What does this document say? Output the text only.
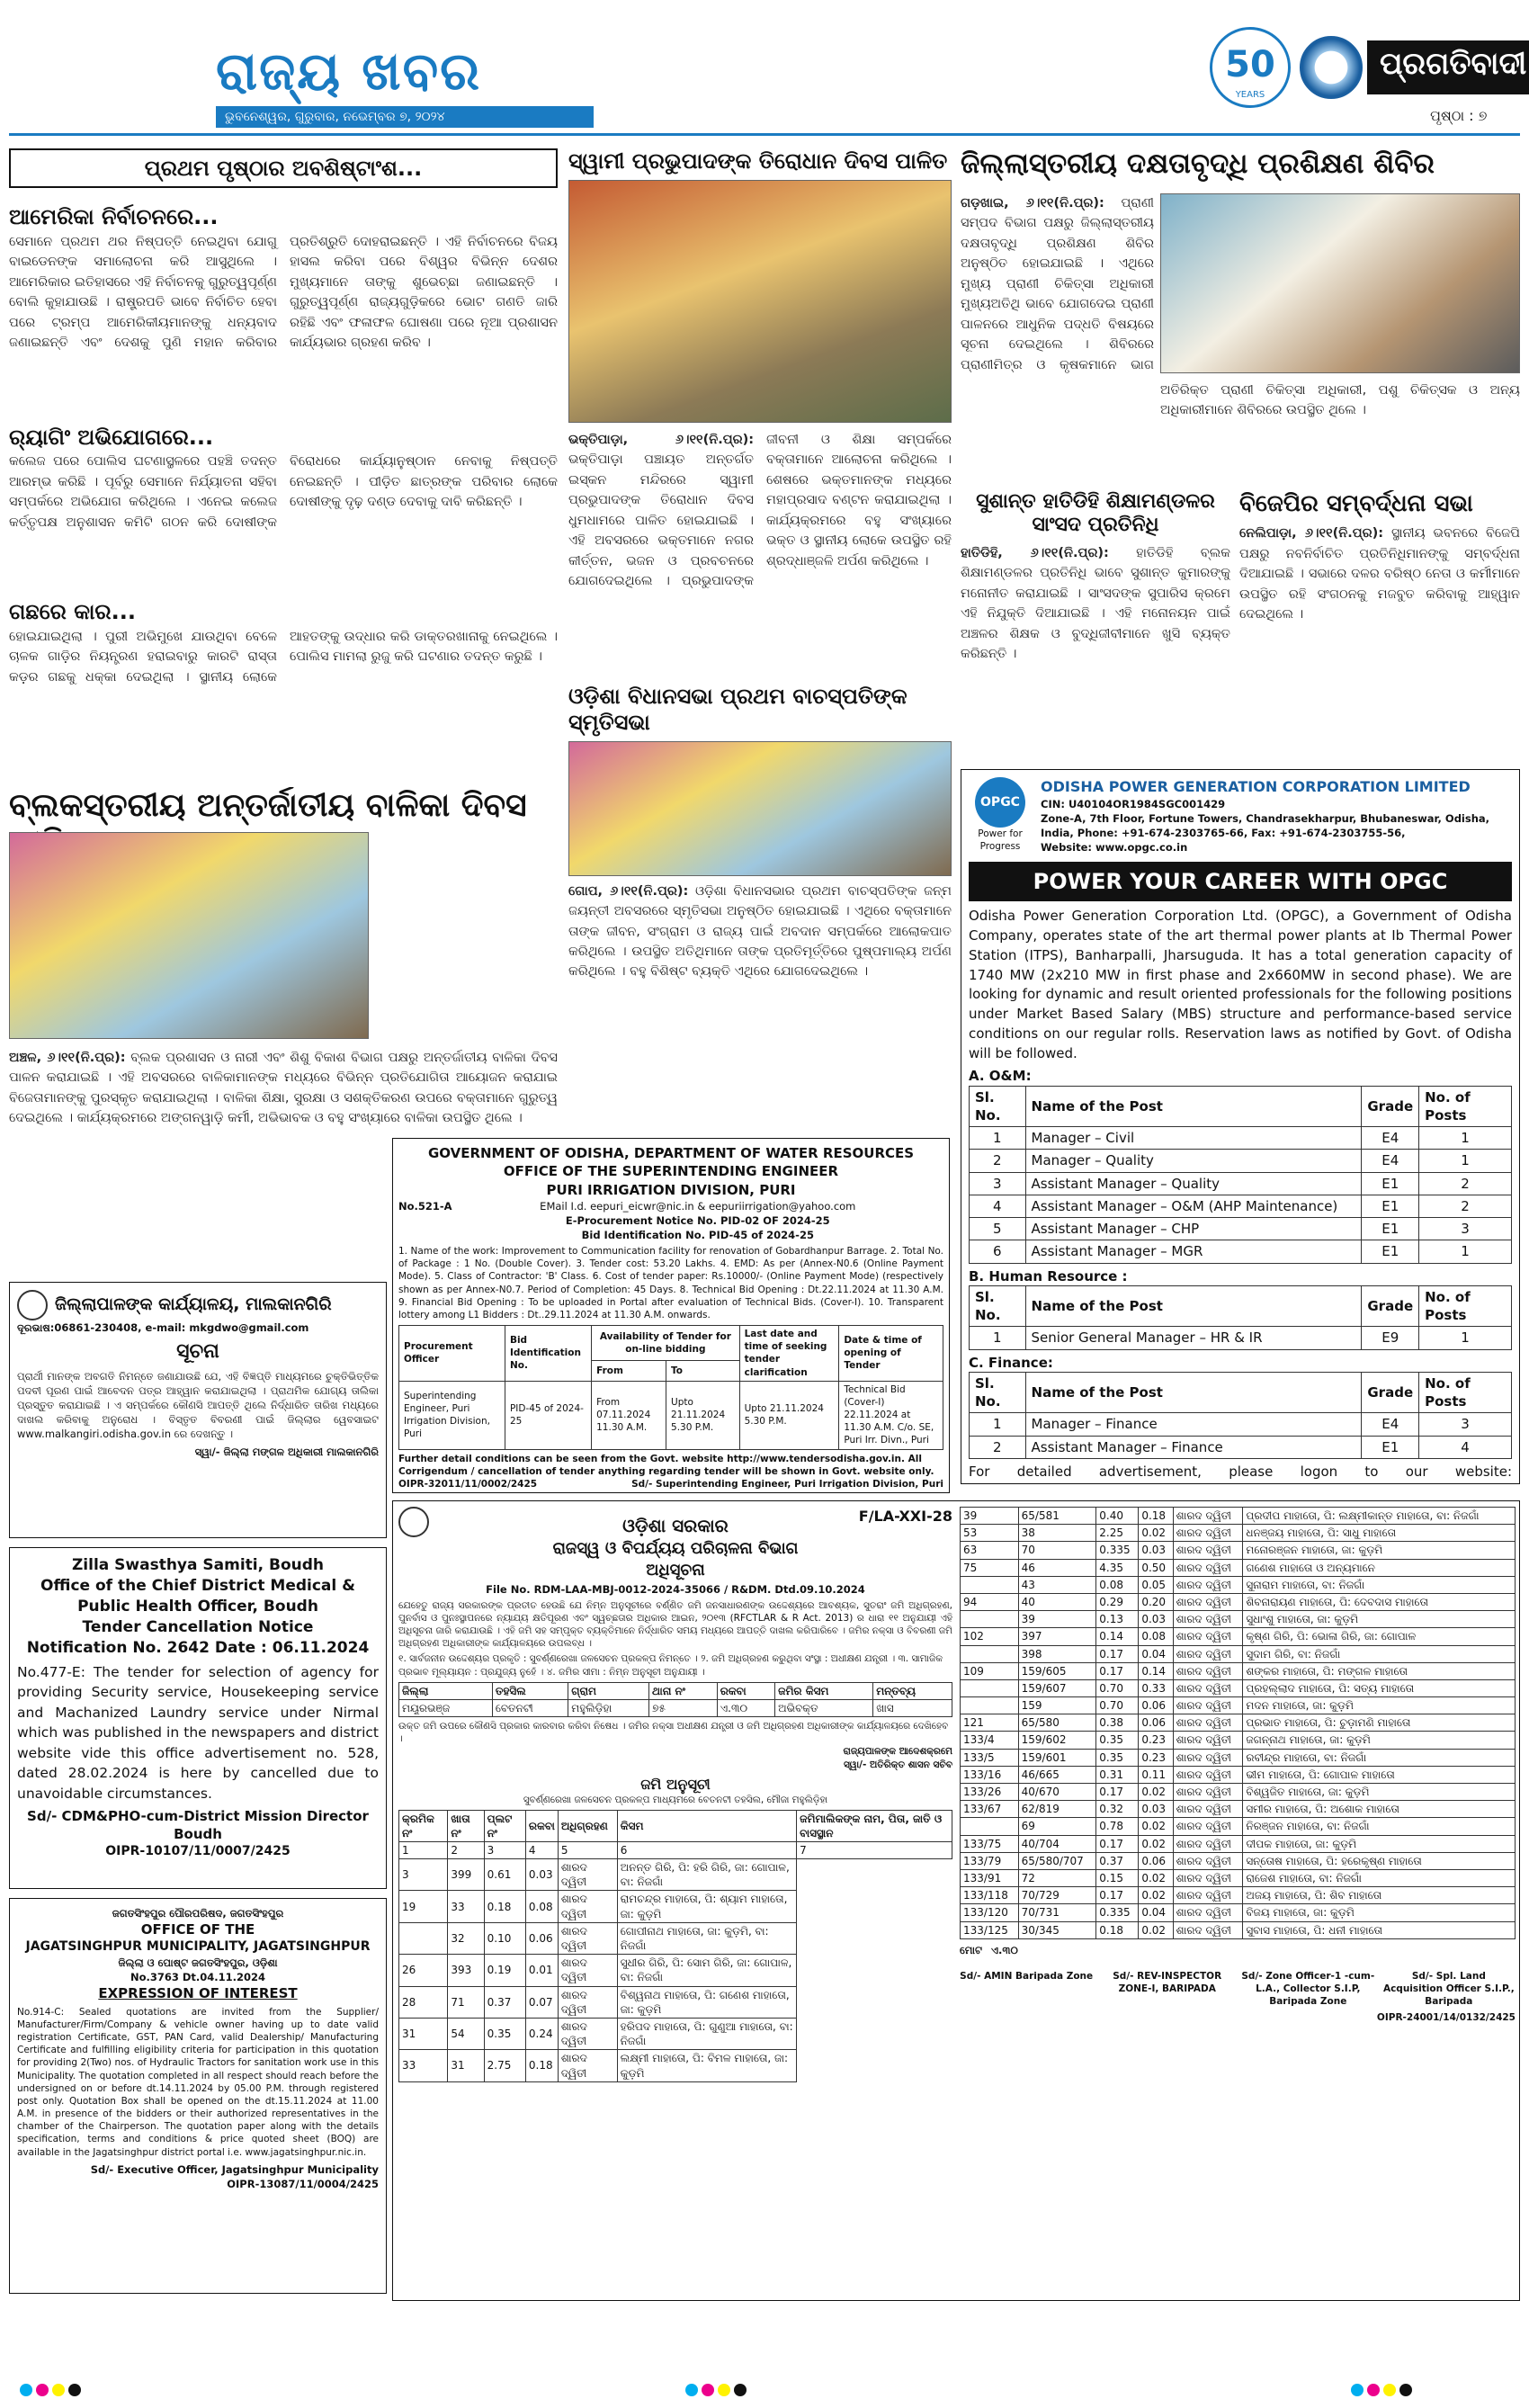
ରାଜ୍ୟ ଖବର
ଭୁବନେଶ୍ୱର, ଗୁରୁବାର, ନଭେମ୍ବର ୭, ୨୦୨୪
50
YEARS
ପ୍ରଗତିବାଦୀ
ପୃଷ୍ଠା : ୭
ପ୍ରଥମ ପୃଷ୍ଠାର ଅବଶିଷ୍ଟାଂଶ...
ଆମେରିକା ନିର୍ବାଚନରେ...
ସେମାନେ ପ୍ରଥମ ଥର ନିଷ୍ପତ୍ତି ନେଇଥିବା ଯୋଗୁ ବାଇଡେନଙ୍କ ସମାଲୋଚନା କରି ଆସୁଥିଲେ । ଆମେରିକାର ଇତିହାସରେ ଏହି ନିର୍ବାଚନକୁ ଗୁରୁତ୍ୱପୂର୍ଣ୍ଣ ବୋଲି କୁହାଯାଉଛି । ରାଷ୍ଟ୍ରପତି ଭାବେ ନିର୍ବାଚିତ ହେବା ପରେ ଟ୍ରମ୍ପ ଆମେରିକୀୟମାନଙ୍କୁ ଧନ୍ୟବାଦ ଜଣାଇଛନ୍ତି ଏବଂ ଦେଶକୁ ପୁଣି ମହାନ କରିବାର ପ୍ରତିଶ୍ରୁତି ଦୋହରାଇଛନ୍ତି । ଏହି ନିର୍ବାଚନରେ ବିଜୟ ହାସଲ କରିବା ପରେ ବିଶ୍ୱର ବିଭିନ୍ନ ଦେଶର ମୁଖ୍ୟମାନେ ତାଙ୍କୁ ଶୁଭେଚ୍ଛା ଜଣାଇଛନ୍ତି । ଗୁରୁତ୍ୱପୂର୍ଣ୍ଣ ରାଜ୍ୟଗୁଡ଼ିକରେ ଭୋଟ ଗଣତି ଜାରି ରହିଛି ଏବଂ ଫଳାଫଳ ଘୋଷଣା ପରେ ନୂଆ ପ୍ରଶାସନ କାର୍ଯ୍ୟଭାର ଗ୍ରହଣ କରିବ ।
ର୍‍ୟାଗିଂ ଅଭିଯୋଗରେ...
କଲେଜ ପରେ ପୋଲିସ ଘଟଣାସ୍ଥଳରେ ପହଞ୍ଚି ତଦନ୍ତ ଆରମ୍ଭ କରିଛି । ପୂର୍ବରୁ ସେମାନେ ନିର୍ଯ୍ୟାତନା ସହିବା ସମ୍ପର୍କରେ ଅଭିଯୋଗ କରିଥିଲେ । ଏନେଇ କଲେଜ କର୍ତ୍ତୃପକ୍ଷ ଅନୁଶାସନ କମିଟି ଗଠନ କରି ଦୋଷୀଙ୍କ ବିରୋଧରେ କାର୍ଯ୍ୟାନୁଷ୍ଠାନ ନେବାକୁ ନିଷ୍ପତ୍ତି ନେଇଛନ୍ତି । ପୀଡ଼ିତ ଛାତ୍ରଙ୍କ ପରିବାର ଲୋକେ ଦୋଷୀଙ୍କୁ ଦୃଢ଼ ଦଣ୍ଡ ଦେବାକୁ ଦାବି କରିଛନ୍ତି ।
ଗଛରେ କାର...
ହୋଇଯାଇଥିଲା । ପୁରୀ ଅଭିମୁଖେ ଯାଉଥିବା ବେଳେ ଚାଳକ ଗାଡ଼ିର ନିୟନ୍ତ୍ରଣ ହରାଇବାରୁ କାରଟି ରାସ୍ତା କଡ଼ର ଗଛକୁ ଧକ୍କା ଦେଇଥିଲା । ସ୍ଥାନୀୟ ଲୋକେ ଆହତଙ୍କୁ ଉଦ୍ଧାର କରି ଡାକ୍ତରଖାନାକୁ ନେଇଥିଲେ । ପୋଲିସ ମାମଲା ରୁଜୁ କରି ଘଟଣାର ତଦନ୍ତ କରୁଛି ।
ସ୍ୱାମୀ ପ୍ରଭୁପାଦଙ୍କ ତିରୋଧାନ ଦିବସ ପାଳିତ
ଭକ୍ତିପାଡ଼ା, ୬।୧୧(ନି.ପ୍ର): ଭକ୍ତିପାଡ଼ା ପଞ୍ଚାୟତ ଅନ୍ତର୍ଗତ ଇସ୍କନ ମନ୍ଦିରରେ ସ୍ୱାମୀ ପ୍ରଭୁପାଦଙ୍କ ତିରୋଧାନ ଦିବସ ଧୁମଧାମରେ ପାଳିତ ହୋଇଯାଇଛି । ଏହି ଅବସରରେ ଭକ୍ତମାନେ ନଗର କୀର୍ତ୍ତନ, ଭଜନ ଓ ପ୍ରବଚନରେ ଯୋଗଦେଇଥିଲେ । ପ୍ରଭୁପାଦଙ୍କ ଜୀବନୀ ଓ ଶିକ୍ଷା ସମ୍ପର୍କରେ ବକ୍ତାମାନେ ଆଲୋଚନା କରିଥିଲେ । ଶେଷରେ ଭକ୍ତମାନଙ୍କ ମଧ୍ୟରେ ମହାପ୍ରସାଦ ବଣ୍ଟନ କରାଯାଇଥିଲା । କାର୍ଯ୍ୟକ୍ରମରେ ବହୁ ସଂଖ୍ୟାରେ ଭକ୍ତ ଓ ସ୍ଥାନୀୟ ଲୋକେ ଉପସ୍ଥିତ ରହି ଶ୍ରଦ୍ଧାଞ୍ଜଳି ଅର୍ପଣ କରିଥିଲେ ।
ଓଡ଼ିଶା ବିଧାନସଭା ପ୍ରଥମ ବାଚସ୍ପତିଙ୍କ ସ୍ମୃତିସଭା
ଗୋପ, ୬।୧୧(ନି.ପ୍ର): ଓଡ଼ିଶା ବିଧାନସଭାର ପ୍ରଥମ ବାଚସ୍ପତିଙ୍କ ଜନ୍ମ ଜୟନ୍ତୀ ଅବସରରେ ସ୍ମୃତିସଭା ଅନୁଷ୍ଠିତ ହୋଇଯାଇଛି । ଏଥିରେ ବକ୍ତାମାନେ ତାଙ୍କ ଜୀବନ, ସଂଗ୍ରାମ ଓ ରାଜ୍ୟ ପାଇଁ ଅବଦାନ ସମ୍ପର୍କରେ ଆଲୋକପାତ କରିଥିଲେ । ଉପସ୍ଥିତ ଅତିଥିମାନେ ତାଙ୍କ ପ୍ରତିମୂର୍ତ୍ତିରେ ପୁଷ୍ପମାଲ୍ୟ ଅର୍ପଣ କରିଥିଲେ । ବହୁ ବିଶିଷ୍ଟ ବ୍ୟକ୍ତି ଏଥିରେ ଯୋଗଦେଇଥିଲେ ।
ଜିଲ୍ଲାସ୍ତରୀୟ ଦକ୍ଷତାବୃଦ୍ଧି ପ୍ରଶିକ୍ଷଣ ଶିବିର
ଗଡ଼ଖାଇ, ୬।୧୧(ନି.ପ୍ର): ପ୍ରାଣୀ ସମ୍ପଦ ବିଭାଗ ପକ୍ଷରୁ ଜିଲ୍ଲାସ୍ତରୀୟ ଦକ୍ଷତାବୃଦ୍ଧି ପ୍ରଶିକ୍ଷଣ ଶିବିର ଅନୁଷ୍ଠିତ ହୋଇଯାଇଛି । ଏଥିରେ ମୁଖ୍ୟ ପ୍ରାଣୀ ଚିକିତ୍ସା ଅଧିକାରୀ ମୁଖ୍ୟଅତିଥି ଭାବେ ଯୋଗଦେଇ ପ୍ରାଣୀ ପାଳନରେ ଆଧୁନିକ ପଦ୍ଧତି ବିଷୟରେ ସୂଚନା ଦେଇଥିଲେ । ଶିବିରରେ ପ୍ରାଣୀମିତ୍ର ଓ କୃଷକମାନେ ଭାଗ
ଅତିରିକ୍ତ ପ୍ରାଣୀ ଚିକିତ୍ସା ଅଧିକାରୀ, ପଶୁ ଚିକିତ୍ସକ ଓ ଅନ୍ୟ ଅଧିକାରୀମାନେ ଶିବିରରେ ଉପସ୍ଥିତ ଥିଲେ ।
ସୁଶାନ୍ତ ହାତିଡିହି ଶିକ୍ଷାମଣ୍ଡଳର ସାଂସଦ ପ୍ରତିନିଧି
ହାତିଡିହି, ୬।୧୧(ନି.ପ୍ର): ହାତିଡିହି ବ୍ଲକ ଶିକ୍ଷାମଣ୍ଡଳର ପ୍ରତିନିଧି ଭାବେ ସୁଶାନ୍ତ କୁମାରଙ୍କୁ ମନୋନୀତ କରାଯାଇଛି । ସାଂସଦଙ୍କ ସୁପାରିସ କ୍ରମେ ଏହି ନିଯୁକ୍ତି ଦିଆଯାଇଛି । ଏହି ମନୋନୟନ ପାଇଁ ଅଞ୍ଚଳର ଶିକ୍ଷକ ଓ ବୁଦ୍ଧିଜୀବୀମାନେ ଖୁସି ବ୍ୟକ୍ତ କରିଛନ୍ତି ।
ବିଜେପିର ସମ୍ବର୍ଦ୍ଧନା ସଭା
ନେଲିପାଡ଼ା, ୬।୧୧(ନି.ପ୍ର): ସ୍ଥାନୀୟ ଭବନରେ ବିଜେପି ପକ୍ଷରୁ ନବନିର୍ବାଚିତ ପ୍ରତିନିଧିମାନଙ୍କୁ ସମ୍ବର୍ଦ୍ଧନା ଦିଆଯାଇଛି । ସଭାରେ ଦଳର ବରିଷ୍ଠ ନେତା ଓ କର୍ମୀମାନେ ଉପସ୍ଥିତ ରହି ସଂଗଠନକୁ ମଜବୁତ କରିବାକୁ ଆହ୍ୱାନ ଦେଇଥିଲେ ।
ବ୍ଲକସ୍ତରୀୟ ଅନ୍ତର୍ଜାତୀୟ ବାଳିକା ଦିବସ
ଅଞ୍ଚଳ, ୬।୧୧(ନି.ପ୍ର): ବ୍ଲକ ପ୍ରଶାସନ ଓ ନାରୀ ଏବଂ ଶିଶୁ ବିକାଶ ବିଭାଗ ପକ୍ଷରୁ ଅନ୍ତର୍ଜାତୀୟ ବାଳିକା ଦିବସ ପାଳନ କରାଯାଇଛି । ଏହି ଅବସରରେ ବାଳିକାମାନଙ୍କ ମଧ୍ୟରେ ବିଭିନ୍ନ ପ୍ରତିଯୋଗିତା ଆୟୋଜନ କରାଯାଇ ବିଜେତାମାନଙ୍କୁ ପୁରସ୍କୃତ କରାଯାଇଥିଲା । ବାଳିକା ଶିକ୍ଷା, ସୁରକ୍ଷା ଓ ସଶକ୍ତିକରଣ ଉପରେ ବକ୍ତାମାନେ ଗୁରୁତ୍ୱ ଦେଇଥିଲେ । କାର୍ଯ୍ୟକ୍ରମରେ ଅଙ୍ଗନୱାଡ଼ି କର୍ମୀ, ଅଭିଭାବକ ଓ ବହୁ ସଂଖ୍ୟାରେ ବାଳିକା ଉପସ୍ଥିତ ଥିଲେ ।
OPGC
Power for Progress
ODISHA POWER GENERATION CORPORATION LIMITED
CIN: U40104OR1984SGC001429
Zone-A, 7th Floor, Fortune Towers, Chandrasekharpur, Bhubaneswar, Odisha, India, Phone: +91-674-2303765-66, Fax: +91-674-2303755-56,
Website: www.opgc.co.in
POWER YOUR CAREER WITH OPGC
Odisha Power Generation Corporation Ltd. (OPGC), a Government of Odisha Company, operates state of the art thermal power plants at Ib Thermal Power Station (ITPS), Banharpalli, Jharsuguda. It has a total generation capacity of 1740 MW (2x210 MW in first phase and 2x660MW in second phase). We are looking for dynamic and result oriented professionals for the following positions under Market Based Salary (MBS) structure and performance-based service conditions on our regular rolls. Reservation laws as notified by Govt. of Odisha will be followed.
A. O&M:
Sl. No.	Name of the Post	Grade	No. of Posts
1	Manager – Civil	E4	1
2	Manager – Quality	E4	1
3	Assistant Manager – Quality	E1	2
4	Assistant Manager – O&M (AHP Maintenance)	E1	2
5	Assistant Manager – CHP	E1	3
6	Assistant Manager – MGR	E1	1
B. Human Resource :
Sl. No.	Name of the Post	Grade	No. of Posts
1	Senior General Manager – HR & IR	E9	1
C. Finance:
Sl. No.	Name of the Post	Grade	No. of Posts
1	Manager – Finance	E4	3
2	Assistant Manager – Finance	E1	4
For detailed advertisement, please logon to our website:
GOVERNMENT OF ODISHA, DEPARTMENT OF WATER RESOURCES
OFFICE OF THE SUPERINTENDING ENGINEER
PURI IRRIGATION DIVISION, PURI
No.521-A	EMail I.d. eepuri_eicwr@nic.in & eepuriirrigation@yahoo.com
E-Procurement Notice No. PID-02 OF 2024-25
Bid Identification No. PID-45 of 2024-25
1. Name of the work: Improvement to Communication facility for renovation of Gobardhanpur Barrage. 2. Total No. of Package : 1 No. (Double Cover). 3. Tender cost: 53.20 Lakhs. 4. EMD: As per (Annex-N0.6 (Online Payment Mode). 5. Class of Contractor: 'B' Class. 6. Cost of tender paper: Rs.10000/- (Online Payment Mode) (respectively shown as per Annex-N0.7. Period of Completion: 45 Days. 8. Technical Bid Opening : Dt.22.11.2024 at 11.30 A.M. 9. Financial Bid Opening : To be uploaded in Portal after evaluation of Technical Bids. (Cover-I). 10. Transparent lottery among L1 Bidders : Dt..29.11.2024 at 11.30 A.M. onwards.
Procurement Officer	Bid Identification No.	Availability of Tender for on-line bidding		Last date and time of seeking tender clarification	Date & time of opening of Tender
		From	To		
Superintending Engineer, Puri Irrigation Division, Puri	PID-45 of 2024-25	From 07.11.2024 11.30 A.M.	Upto 21.11.2024 5.30 P.M.	Upto 21.11.2024 5.30 P.M.	Technical Bid (Cover-I) 22.11.2024 at 11.30 A.M. C/o. SE, Puri Irr. Divn., Puri
Further detail conditions can be seen from the Govt. website http://www.tendersodisha.gov.in. All Corrigendum / cancellation of tender anything regarding tender will be shown in Govt. website only.
OIPR-32011/11/0002/2425	Sd/- Superintending Engineer, Puri Irrigation Division, Puri
ଜିଲ୍ଲାପାଳଙ୍କ କାର୍ଯ୍ୟାଳୟ, ମାଲକାନଗିରି
ଦୂରଭାଷ:06861-230408, e-mail: mkgdwo@gmail.com
ସୂଚନା
ପ୍ରାର୍ଥୀ ମାନଙ୍କ ଅବଗତି ନିମନ୍ତେ ଜଣାଯାଉଛି ଯେ, ଏହି ବିଜ୍ଞପ୍ତି ମାଧ୍ୟମରେ ଚୁକ୍ତିଭିତ୍ତିକ ପଦବୀ ପୂରଣ ପାଇଁ ଆବେଦନ ପତ୍ର ଆହ୍ୱାନ କରାଯାଇଥିଲା । ପ୍ରାଥମିକ ଯୋଗ୍ୟ ତାଲିକା ପ୍ରସ୍ତୁତ କରାଯାଇଛି । ଏ ସମ୍ପର୍କରେ କୌଣସି ଆପତ୍ତି ଥିଲେ ନିର୍ଦ୍ଧାରିତ ତାରିଖ ମଧ୍ୟରେ ଦାଖଲ କରିବାକୁ ଅନୁରୋଧ । ବିସ୍ତୃତ ବିବରଣୀ ପାଇଁ ଜିଲ୍ଲାର ୱେବସାଇଟ www.malkangiri.odisha.gov.in ରେ ଦେଖନ୍ତୁ ।
ସ୍ୱା/- ଜିଲ୍ଲା ମଙ୍ଗଳ ଅଧିକାରୀ ମାଲକାନଗିରି
Zilla Swasthya Samiti, Boudh
Office of the Chief District Medical &
Public Health Officer, Boudh
Tender Cancellation Notice
Notification No. 2642 Date : 06.11.2024
No.477-E: The tender for selection of agency for providing Security service, Housekeeping service and Machanized Laundry service under Nirmal which was published in the newspapers and district website vide this office advertisement no. 528, dated 28.02.2024 is here by cancelled due to unavoidable circumstances.
Sd/- CDM&PHO-cum-District Mission Director Boudh
OIPR-10107/11/0007/2425
ଜଗତସିଂହପୁର ପୌରପରିଷଦ, ଜଗତସିଂହପୁର
OFFICE OF THE
JAGATSINGHPUR MUNICIPALITY, JAGATSINGHPUR
ଜିଲ୍ଲା ଓ ପୋଷ୍ଟ ଜଗତସିଂହପୁର, ଓଡ଼ିଶା
No.3763 Dt.04.11.2024
EXPRESSION OF INTEREST
No.914-C: Sealed quotations are invited from the Supplier/ Manufacturer/Firm/Company & vehicle owner having up to date valid registration Certificate, GST, PAN Card, valid Dealership/ Manufacturing Certificate and fulfilling eligibility criteria for participation in this quotation for providing 2(Two) nos. of Hydraulic Tractors for sanitation work use in this Municipality. The quotation completed in all respect should reach before the undersigned on or before dt.14.11.2024 by 05.00 P.M. through registered post only. Quotation Box shall be opened on the dt.15.11.2024 at 11.00 A.M. in presence of the bidders or their authorized representatives in the chamber of the Chairperson. The quotation paper along with the details specification, terms and conditions & price quoted sheet (BOQ) are available in the Jagatsinghpur district portal i.e. www.jagatsinghpur.nic.in.
Sd/- Executive Officer, Jagatsinghpur Municipality
OIPR-13087/11/0004/2425
F/LA-XXI-28
ଓଡ଼ିଶା ସରକାର
ରାଜସ୍ୱ ଓ ବିପର୍ଯ୍ୟୟ ପରିଚାଳନା ବିଭାଗ
ଅଧିସୂଚନା
File No. RDM-LAA-MBJ-0012-2024-35066 / R&DM. Dtd.09.10.2024
ଯେହେତୁ ରାଜ୍ୟ ସରକାରଙ୍କ ପ୍ରତୀତ ହେଉଛି ଯେ ନିମ୍ନ ଅନୁସୂଚୀରେ ବର୍ଣ୍ଣିତ ଜମି ଜନସାଧାରଣଙ୍କ ଉଦ୍ଦେଶ୍ୟରେ ଆବଶ୍ୟକ, ସୁତରାଂ ଜମି ଅଧିଗ୍ରହଣ, ପୁନର୍ବାସ ଓ ପୁନଃସ୍ଥାପନରେ ନ୍ୟାଯ୍ୟ କ୍ଷତିପୂରଣ ଏବଂ ସ୍ୱଚ୍ଛତାର ଅଧିକାର ଆଇନ, ୨୦୧୩ (RFCTLAR & R Act. 2013) ର ଧାରା ୧୧ ଅନୁଯାୟୀ ଏହି ଅଧିସୂଚନା ଜାରି କରାଯାଉଛି । ଏହି ଜମି ସହ ସମ୍ପୃକ୍ତ ବ୍ୟକ୍ତିମାନେ ନିର୍ଦ୍ଧାରିତ ସମୟ ମଧ୍ୟରେ ଆପତ୍ତି ଦାଖଲ କରିପାରିବେ । ଜମିର ନକ୍ସା ଓ ବିବରଣୀ ଜମି ଅଧିଗ୍ରହଣ ଅଧିକାରୀଙ୍କ କାର୍ଯ୍ୟାଳୟରେ ଉପଲବ୍ଧ ।
୧. ସାର୍ବଜନୀନ ଉଦ୍ଦେଶ୍ୟର ପ୍ରକୃତି : ସୁବର୍ଣ୍ଣରେଖା ଜଳସେଚନ ପ୍ରକଳ୍ପ ନିମନ୍ତେ । ୨. ଜମି ଅଧିଗ୍ରହଣ କରୁଥିବା ସଂସ୍ଥା : ଅଧୀକ୍ଷଣ ଯନ୍ତ୍ରୀ । ୩. ସାମାଜିକ ପ୍ରଭାବ ମୂଲ୍ୟାୟନ : ପ୍ରଯୁଜ୍ୟ ନୁହେଁ । ୪. ଜମିର ସୀମା : ନିମ୍ନ ଅନୁସୂଚୀ ଅନୁଯାୟୀ ।
ଜିଲ୍ଲା	ତହସିଲ	ଗ୍ରାମ	ଥାନା ନଂ	ରକବା	ଜମିର କିସମ	ମନ୍ତବ୍ୟ
ମୟୂରଭଞ୍ଜ	ବେତନଟୀ	ମହୁଲିଡ଼ିହା	୭୫	ଏ.୩୦	ଅଭିବକ୍ତ	ଖାସ
ଉକ୍ତ ଜମି ଉପରେ କୌଣସି ପ୍ରକାର କାରବାର କରିବା ନିଷେଧ । ଜମିର ନକ୍ସା ଅଧୀକ୍ଷଣ ଯନ୍ତ୍ରୀ ଓ ଜମି ଅଧିଗ୍ରହଣ ଅଧିକାରୀଙ୍କ କାର୍ଯ୍ୟାଳୟରେ ଦେଖିହେବ ।
ରାଜ୍ୟପାଳଙ୍କ ଆଦେଶକ୍ରମେ
ସ୍ୱା/- ଅତିରିକ୍ତ ଶାସନ ସଚିବ
ଜମି ଅନୁସୂଚୀ
ସୁବର୍ଣ୍ଣରେଖା ଜଳସେଚନ ପ୍ରକଳ୍ପ ମାଧ୍ୟମରେ ବେତନଟୀ ତହସିଲ, ମୌଜା ମହୁଲିଡ଼ିହା
କ୍ରମିକ ନଂ	ଖାତା ନଂ	ପ୍ଲଟ ନଂ	ରକବା	ଅଧିଗ୍ରହଣ	କିସମ	ଜମିମାଲିକଙ୍କ ନାମ, ପିତା, ଜାତି ଓ ବାସସ୍ଥାନ
1	2	3	4	5	6	7
3	399	0.61	0.03	ଶାରଦ ଦ୍ୱିତୀ	ଅନନ୍ତ ଗିରି, ପି: ହରି ଗିରି, ଜା: ଗୋପାଳ, ବା: ନିଜଗାଁ	
19	33	0.18	0.08	ଶାରଦ ଦ୍ୱିତୀ	ରାମଚନ୍ଦ୍ର ମାହାତୋ, ପି: ଶ୍ୟାମ ମାହାତୋ, ଜା: କୁଡ଼ମି	
	32	0.10	0.06	ଶାରଦ ଦ୍ୱିତୀ	ଗୋପୀନାଥ ମାହାତୋ, ଜା: କୁଡ଼ମି, ବା: ନିଜଗାଁ	
26	393	0.19	0.01	ଶାରଦ ଦ୍ୱିତୀ	ସୁଧୀର ଗିରି, ପି: ସୋମ ଗିରି, ଜା: ଗୋପାଳ, ବା: ନିଜଗାଁ	
28	71	0.37	0.07	ଶାରଦ ଦ୍ୱିତୀ	ବିଶ୍ୱନାଥ ମାହାତୋ, ପି: ଗଣେଶ ମାହାତୋ, ଜା: କୁଡ଼ମି	
31	54	0.35	0.24	ଶାରଦ ଦ୍ୱିତୀ	ହରିପଦ ମାହାତୋ, ପି: ଗୁଣୁଆ ମାହାତୋ, ବା: ନିଜଗାଁ	
33	31	2.75	0.18	ଶାରଦ ଦ୍ୱିତୀ	ଲକ୍ଷ୍ମୀ ମାହାତୋ, ପି: ବିମଳ ମାହାତୋ, ଜା: କୁଡ଼ମି	
39	65/581	0.40	0.18	ଶାରଦ ଦ୍ୱିତୀ	ପ୍ରଦୀପ ମାହାତୋ, ପି: ଲକ୍ଷ୍ମୀକାନ୍ତ ମାହାତୋ, ବା: ନିଜଗାଁ
53	38	2.25	0.02	ଶାରଦ ଦ୍ୱିତୀ	ଧନଞ୍ଜୟ ମାହାତୋ, ପି: ସାଧୁ ମାହାତୋ
63	70	0.335	0.03	ଶାରଦ ଦ୍ୱିତୀ	ମନୋରଞ୍ଜନ ମାହାତୋ, ଜା: କୁଡ଼ମି
75	46	4.35	0.50	ଶାରଦ ଦ୍ୱିତୀ	ଗଣେଶ ମାହାତୋ ଓ ଅନ୍ୟମାନେ
	43	0.08	0.05	ଶାରଦ ଦ୍ୱିତୀ	ସୁନାରାମ ମାହାତୋ, ବା: ନିଜଗାଁ
94	40	0.29	0.20	ଶାରଦ ଦ୍ୱିତୀ	ଶିବନାରାୟଣ ମାହାତୋ, ପି: ଦେବଦାସ ମାହାତୋ
	39	0.13	0.03	ଶାରଦ ଦ୍ୱିତୀ	ସୁଧାଂଶୁ ମାହାତୋ, ଜା: କୁଡ଼ମି
102	397	0.14	0.08	ଶାରଦ ଦ୍ୱିତୀ	କୃଷ୍ଣ ଗିରି, ପି: ଭୋଳା ଗିରି, ଜା: ଗୋପାଳ
	398	0.17	0.04	ଶାରଦ ଦ୍ୱିତୀ	ସୁଦାମ ଗିରି, ବା: ନିଜଗାଁ
109	159/605	0.17	0.14	ଶାରଦ ଦ୍ୱିତୀ	ଶଙ୍କର ମାହାତୋ, ପି: ମଙ୍ଗଳ ମାହାତୋ
	159/607	0.70	0.33	ଶାରଦ ଦ୍ୱିତୀ	ପ୍ରହଲ୍ଲାଦ ମାହାତୋ, ପି: ସତ୍ୟ ମାହାତୋ
	159	0.70	0.06	ଶାରଦ ଦ୍ୱିତୀ	ମଦନ ମାହାତୋ, ଜା: କୁଡ଼ମି
121	65/580	0.38	0.06	ଶାରଦ ଦ୍ୱିତୀ	ପ୍ରଭାତ ମାହାତୋ, ପି: ଚୁଡ଼ାମଣି ମାହାତୋ
133/4	159/602	0.35	0.23	ଶାରଦ ଦ୍ୱିତୀ	ଜଗନ୍ନାଥ ମାହାତୋ, ଜା: କୁଡ଼ମି
133/5	159/601	0.35	0.23	ଶାରଦ ଦ୍ୱିତୀ	ରବୀନ୍ଦ୍ର ମାହାତୋ, ବା: ନିଜଗାଁ
133/16	46/665	0.31	0.11	ଶାରଦ ଦ୍ୱିତୀ	ଭୀମ ମାହାତୋ, ପି: ଗୋପାଳ ମାହାତୋ
133/26	40/670	0.17	0.02	ଶାରଦ ଦ୍ୱିତୀ	ବିଶ୍ୱଜିତ ମାହାତୋ, ଜା: କୁଡ଼ମି
133/67	62/819	0.32	0.03	ଶାରଦ ଦ୍ୱିତୀ	ସମୀର ମାହାତୋ, ପି: ଅଶୋକ ମାହାତୋ
	69	0.78	0.02	ଶାରଦ ଦ୍ୱିତୀ	ନିରଞ୍ଜନ ମାହାତୋ, ବା: ନିଜଗାଁ
133/75	40/704	0.17	0.02	ଶାରଦ ଦ୍ୱିତୀ	ଦୀପକ ମାହାତୋ, ଜା: କୁଡ଼ମି
133/79	65/580/707	0.37	0.06	ଶାରଦ ଦ୍ୱିତୀ	ସନ୍ତୋଷ ମାହାତୋ, ପି: ହରେକୃଷ୍ଣ ମାହାତୋ
133/91	72	0.15	0.02	ଶାରଦ ଦ୍ୱିତୀ	ରାଜେଶ ମାହାତୋ, ବା: ନିଜଗାଁ
133/118	70/729	0.17	0.02	ଶାରଦ ଦ୍ୱିତୀ	ଅଜୟ ମାହାତୋ, ପି: ଶିବ ମାହାତୋ
133/120	70/731	0.335	0.04	ଶାରଦ ଦ୍ୱିତୀ	ବିଜୟ ମାହାତୋ, ଜା: କୁଡ଼ମି
133/125	30/345	0.18	0.02	ଶାରଦ ଦ୍ୱିତୀ	ସୁବାସ ମାହାତୋ, ପି: ଧନୀ ମାହାତୋ
ମୋଟ ଏ.୩୦
Sd/- AMIN Baripada Zone	Sd/- REV-INSPECTOR ZONE-I, BARIPADA
Sd/- Zone Officer-1 -cum-L.A., Collector S.I.P, Baripada Zone
Sd/- Spl. Land Acquisition Officer S.I.P., Baripada
OIPR-24001/14/0132/2425
